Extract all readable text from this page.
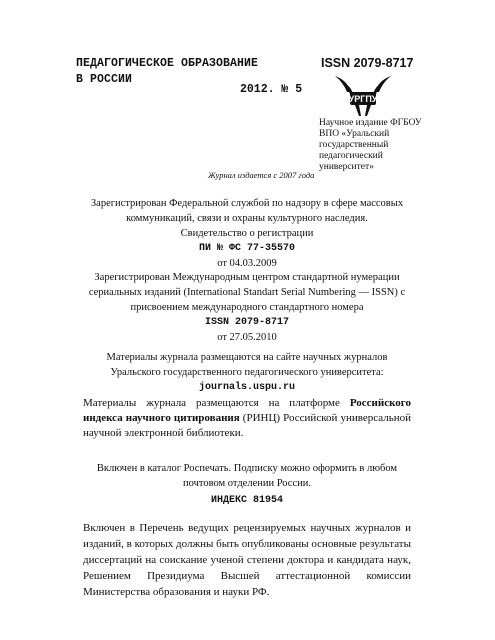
ПЕДАГОГИЧЕСКОЕ ОБРАЗОВАНИЕ
В РОССИИ
2012. № 5
ISSN 2079-8717
УРГПУ
Научное издание ФГБОУ ВПО «Уральский государственный педагогический университет»
Журнал издается с 2007 года
Зарегистрирован Федеральной службой по надзору в сфере массовых коммуникаций, связи и охраны культурного наследия.
Свидетельство о регистрации
ПИ № ФС 77-35570
от 04.03.2009
Зарегистрирован Международным центром стандартной нумерации сериальных изданий (International Standart Serial Numbering — ISSN) с присвоением международного стандартного номера
ISSN 2079-8717
от 27.05.2010
Материалы журнала размещаются на сайте научных журналов Уральского государственного педагогического университета:
journals.uspu.ru
Материалы журнала размещаются на платформе Российского индекса научного цитирования (РИНЦ) Российской универсальной научной электронной библиотеки.
Включен в каталог Роспечать. Подписку можно оформить в любом почтовом отделении России.
ИНДЕКС 81954
Включен в Перечень ведущих рецензируемых научных журналов и изданий, в которых должны быть опубликованы основные результаты диссертаций на соискание ученой степени доктора и кандидата наук, Решением Президиума Высшей аттестационной комиссии Министерства образования и науки РФ.
